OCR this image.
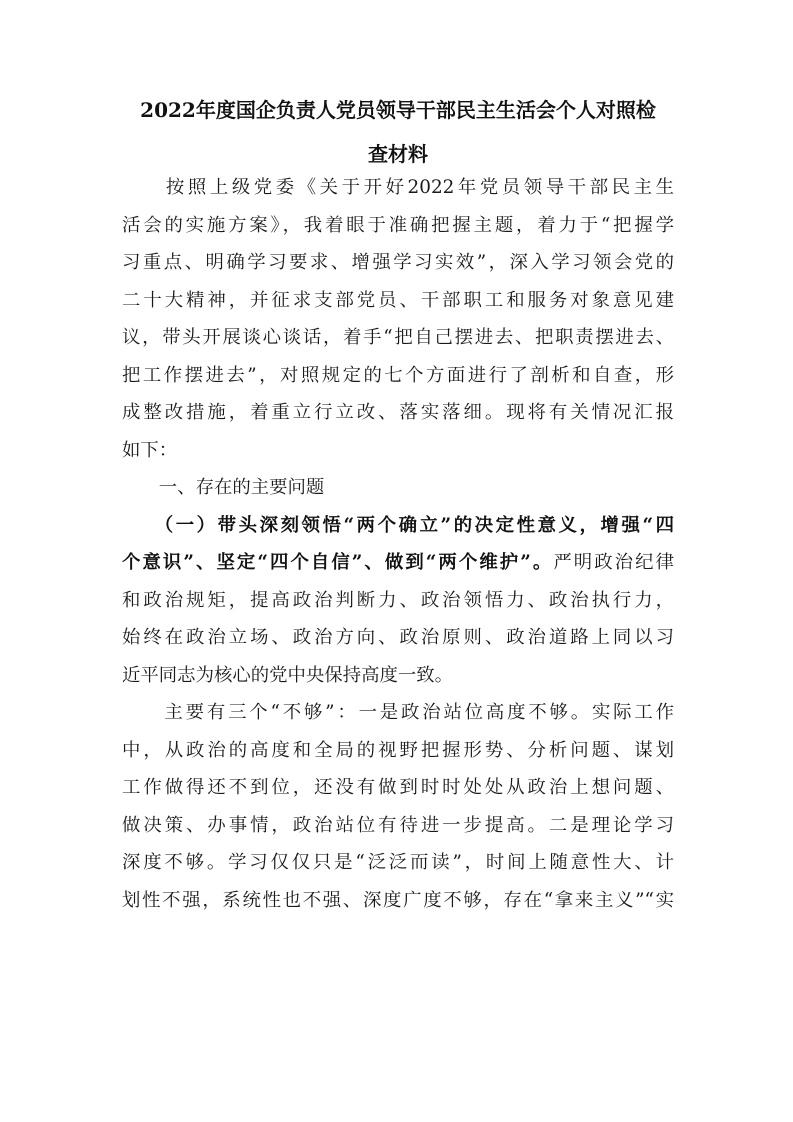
2022年度国企负责人党员领导干部民主生活会个人对照检
查材料

　　按照上级党委《关于开好2022年党员领导干部民主生

活会的实施方案》，我着眼于准确把握主题，着力于“把握学

习重点、明确学习要求、增强学习实效”，深入学习领会党的

二十大精神，并征求支部党员、干部职工和服务对象意见建

议，带头开展谈心谈话，着手“把自己摆进去、把职责摆进去、

把工作摆进去”，对照规定的七个方面进行了剖析和自查，形

成整改措施，着重立行立改、落实落细。现将有关情况汇报

如下：

　　一、存在的主要问题

　　（一）带头深刻领悟“两个确立”的决定性意义，增强“四

个意识”、坚定“四个自信”、做到“两个维护”。严明政治纪律

和政治规矩，提高政治判断力、政治领悟力、政治执行力，

始终在政治立场、政治方向、政治原则、政治道路上同以习

近平同志为核心的党中央保持高度一致。

　　主要有三个“不够”：一是政治站位高度不够。实际工作

中，从政治的高度和全局的视野把握形势、分析问题、谋划

工作做得还不到位，还没有做到时时处处从政治上想问题、

做决策、办事情，政治站位有待进一步提高。二是理论学习

深度不够。学习仅仅只是“泛泛而读”，时间上随意性大、计

划性不强，系统性也不强、深度广度不够，存在“拿来主义”“实
